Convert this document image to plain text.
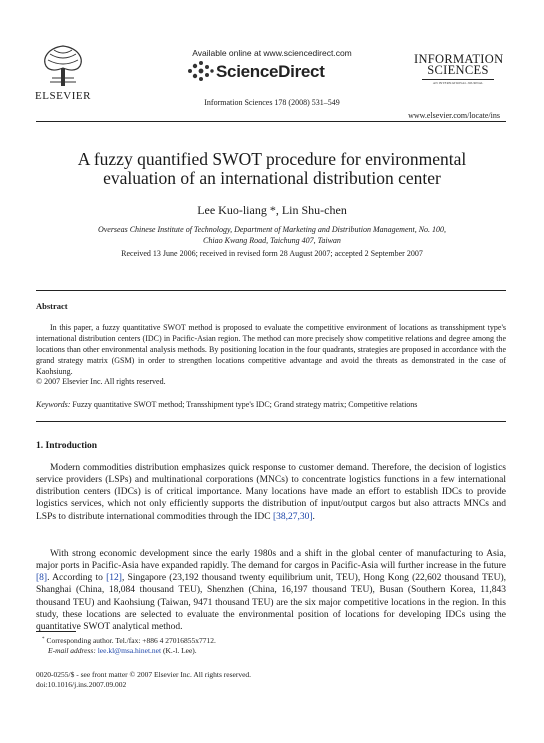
ELSEVIER
Available online at www.sciencedirect.com
ScienceDirect
Information Sciences 178 (2008) 531–549
INFORMATION
SCIENCES
AN INTERNATIONAL JOURNAL
www.elsevier.com/locate/ins
A fuzzy quantified SWOT procedure for environmental
evaluation of an international distribution center
Lee Kuo-liang *, Lin Shu-chen
Overseas Chinese Institute of Technology, Department of Marketing and Distribution Management, No. 100,
Chiao Kwang Road, Taichung 407, Taiwan
Received 13 June 2006; received in revised form 28 August 2007; accepted 2 September 2007
Abstract
In this paper, a fuzzy quantitative SWOT method is proposed to evaluate the competitive environment of locations as transshipment type's international distribution centers (IDC) in Pacific-Asian region. The method can more precisely show competitive relations and degree among the locations than other environmental analysis methods. By positioning location in the four quadrants, strategies are proposed in accordance with the grand strategy matrix (GSM) in order to strengthen locations competitive advantage and avoid the threats as demonstrated in the case of Kaohsiung.
© 2007 Elsevier Inc. All rights reserved.
Keywords: Fuzzy quantitative SWOT method; Transshipment type's IDC; Grand strategy matrix; Competitive relations
1. Introduction
Modern commodities distribution emphasizes quick response to customer demand. Therefore, the decision of logistics service providers (LSPs) and multinational corporations (MNCs) to concentrate logistics functions in a few international distribution centers (IDCs) is of critical importance. Many locations have made an effort to establish IDCs to provide logistics services, which not only efficiently supports the distribution of input/output cargos but also attracts MNCs and LSPs to distribute international commodities through the IDC [38,27,30].
With strong economic development since the early 1980s and a shift in the global center of manufacturing to Asia, major ports in Pacific-Asia have expanded rapidly. The demand for cargos in Pacific-Asia will further increase in the future [8]. According to [12], Singapore (23,192 thousand twenty equilibrium unit, TEU), Hong Kong (22,602 thousand TEU), Shanghai (China, 18,084 thousand TEU), Shenzhen (China, 16,197 thousand TEU), Busan (Southern Korea, 11,843 thousand TEU) and Kaohsiung (Taiwan, 9471 thousand TEU) are the six major competitive locations in the region. In this study, these locations are selected to evaluate the environmental position of locations for developing IDCs using the quantitative SWOT analytical method.
* Corresponding author. Tel./fax: +886 4 27016855x7712.
E-mail address: lee.kl@msa.hinet.net (K.-l. Lee).
0020-0255/$ - see front matter © 2007 Elsevier Inc. All rights reserved.
doi:10.1016/j.ins.2007.09.002
